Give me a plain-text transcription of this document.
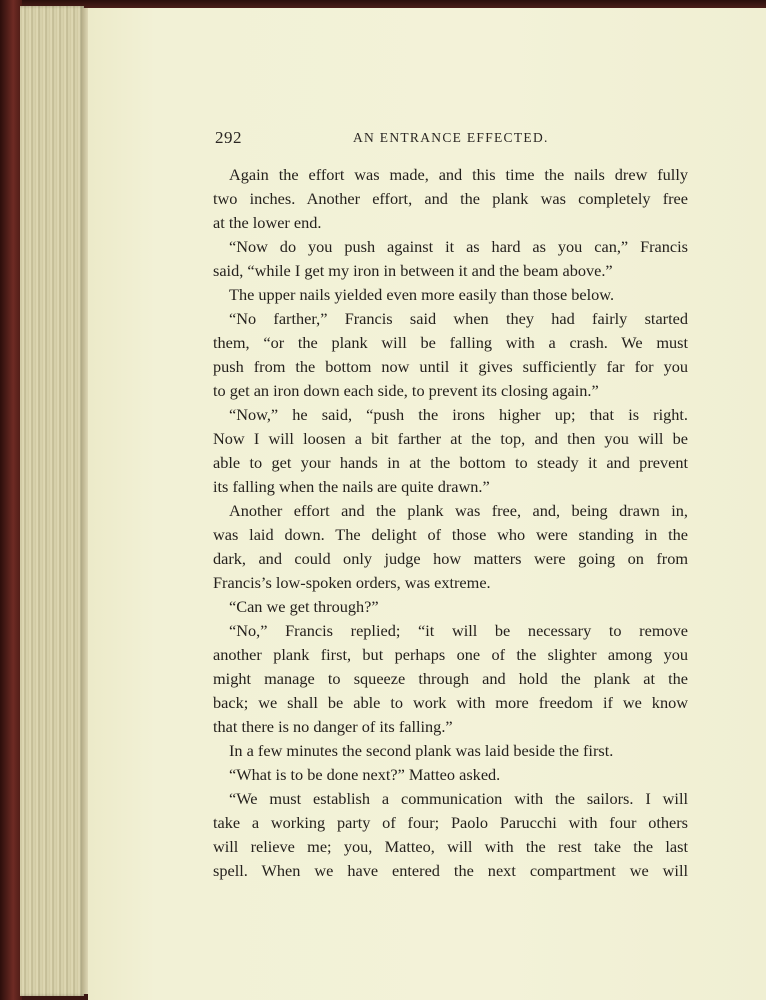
292	AN ENTRANCE EFFECTED.
Again the effort was made, and this time the nails drew fully
two inches. Another effort, and the plank was completely free
at the lower end.
“Now do you push against it as hard as you can,” Francis
said, “while I get my iron in between it and the beam above.”
The upper nails yielded even more easily than those below.
“No farther,” Francis said when they had fairly started
them, “or the plank will be falling with a crash. We must
push from the bottom now until it gives sufficiently far for you
to get an iron down each side, to prevent its closing again.”
“Now,” he said, “push the irons higher up; that is right.
Now I will loosen a bit farther at the top, and then you will be
able to get your hands in at the bottom to steady it and prevent
its falling when the nails are quite drawn.”
Another effort and the plank was free, and, being drawn in,
was laid down. The delight of those who were standing in the
dark, and could only judge how matters were going on from
Francis’s low-spoken orders, was extreme.
“Can we get through?”
“No,” Francis replied; “it will be necessary to remove
another plank first, but perhaps one of the slighter among you
might manage to squeeze through and hold the plank at the
back; we shall be able to work with more freedom if we know
that there is no danger of its falling.”
In a few minutes the second plank was laid beside the first.
“What is to be done next?” Matteo asked.
“We must establish a communication with the sailors. I will
take a working party of four; Paolo Parucchi with four others
will relieve me; you, Matteo, will with the rest take the last
spell. When we have entered the next compartment we will
